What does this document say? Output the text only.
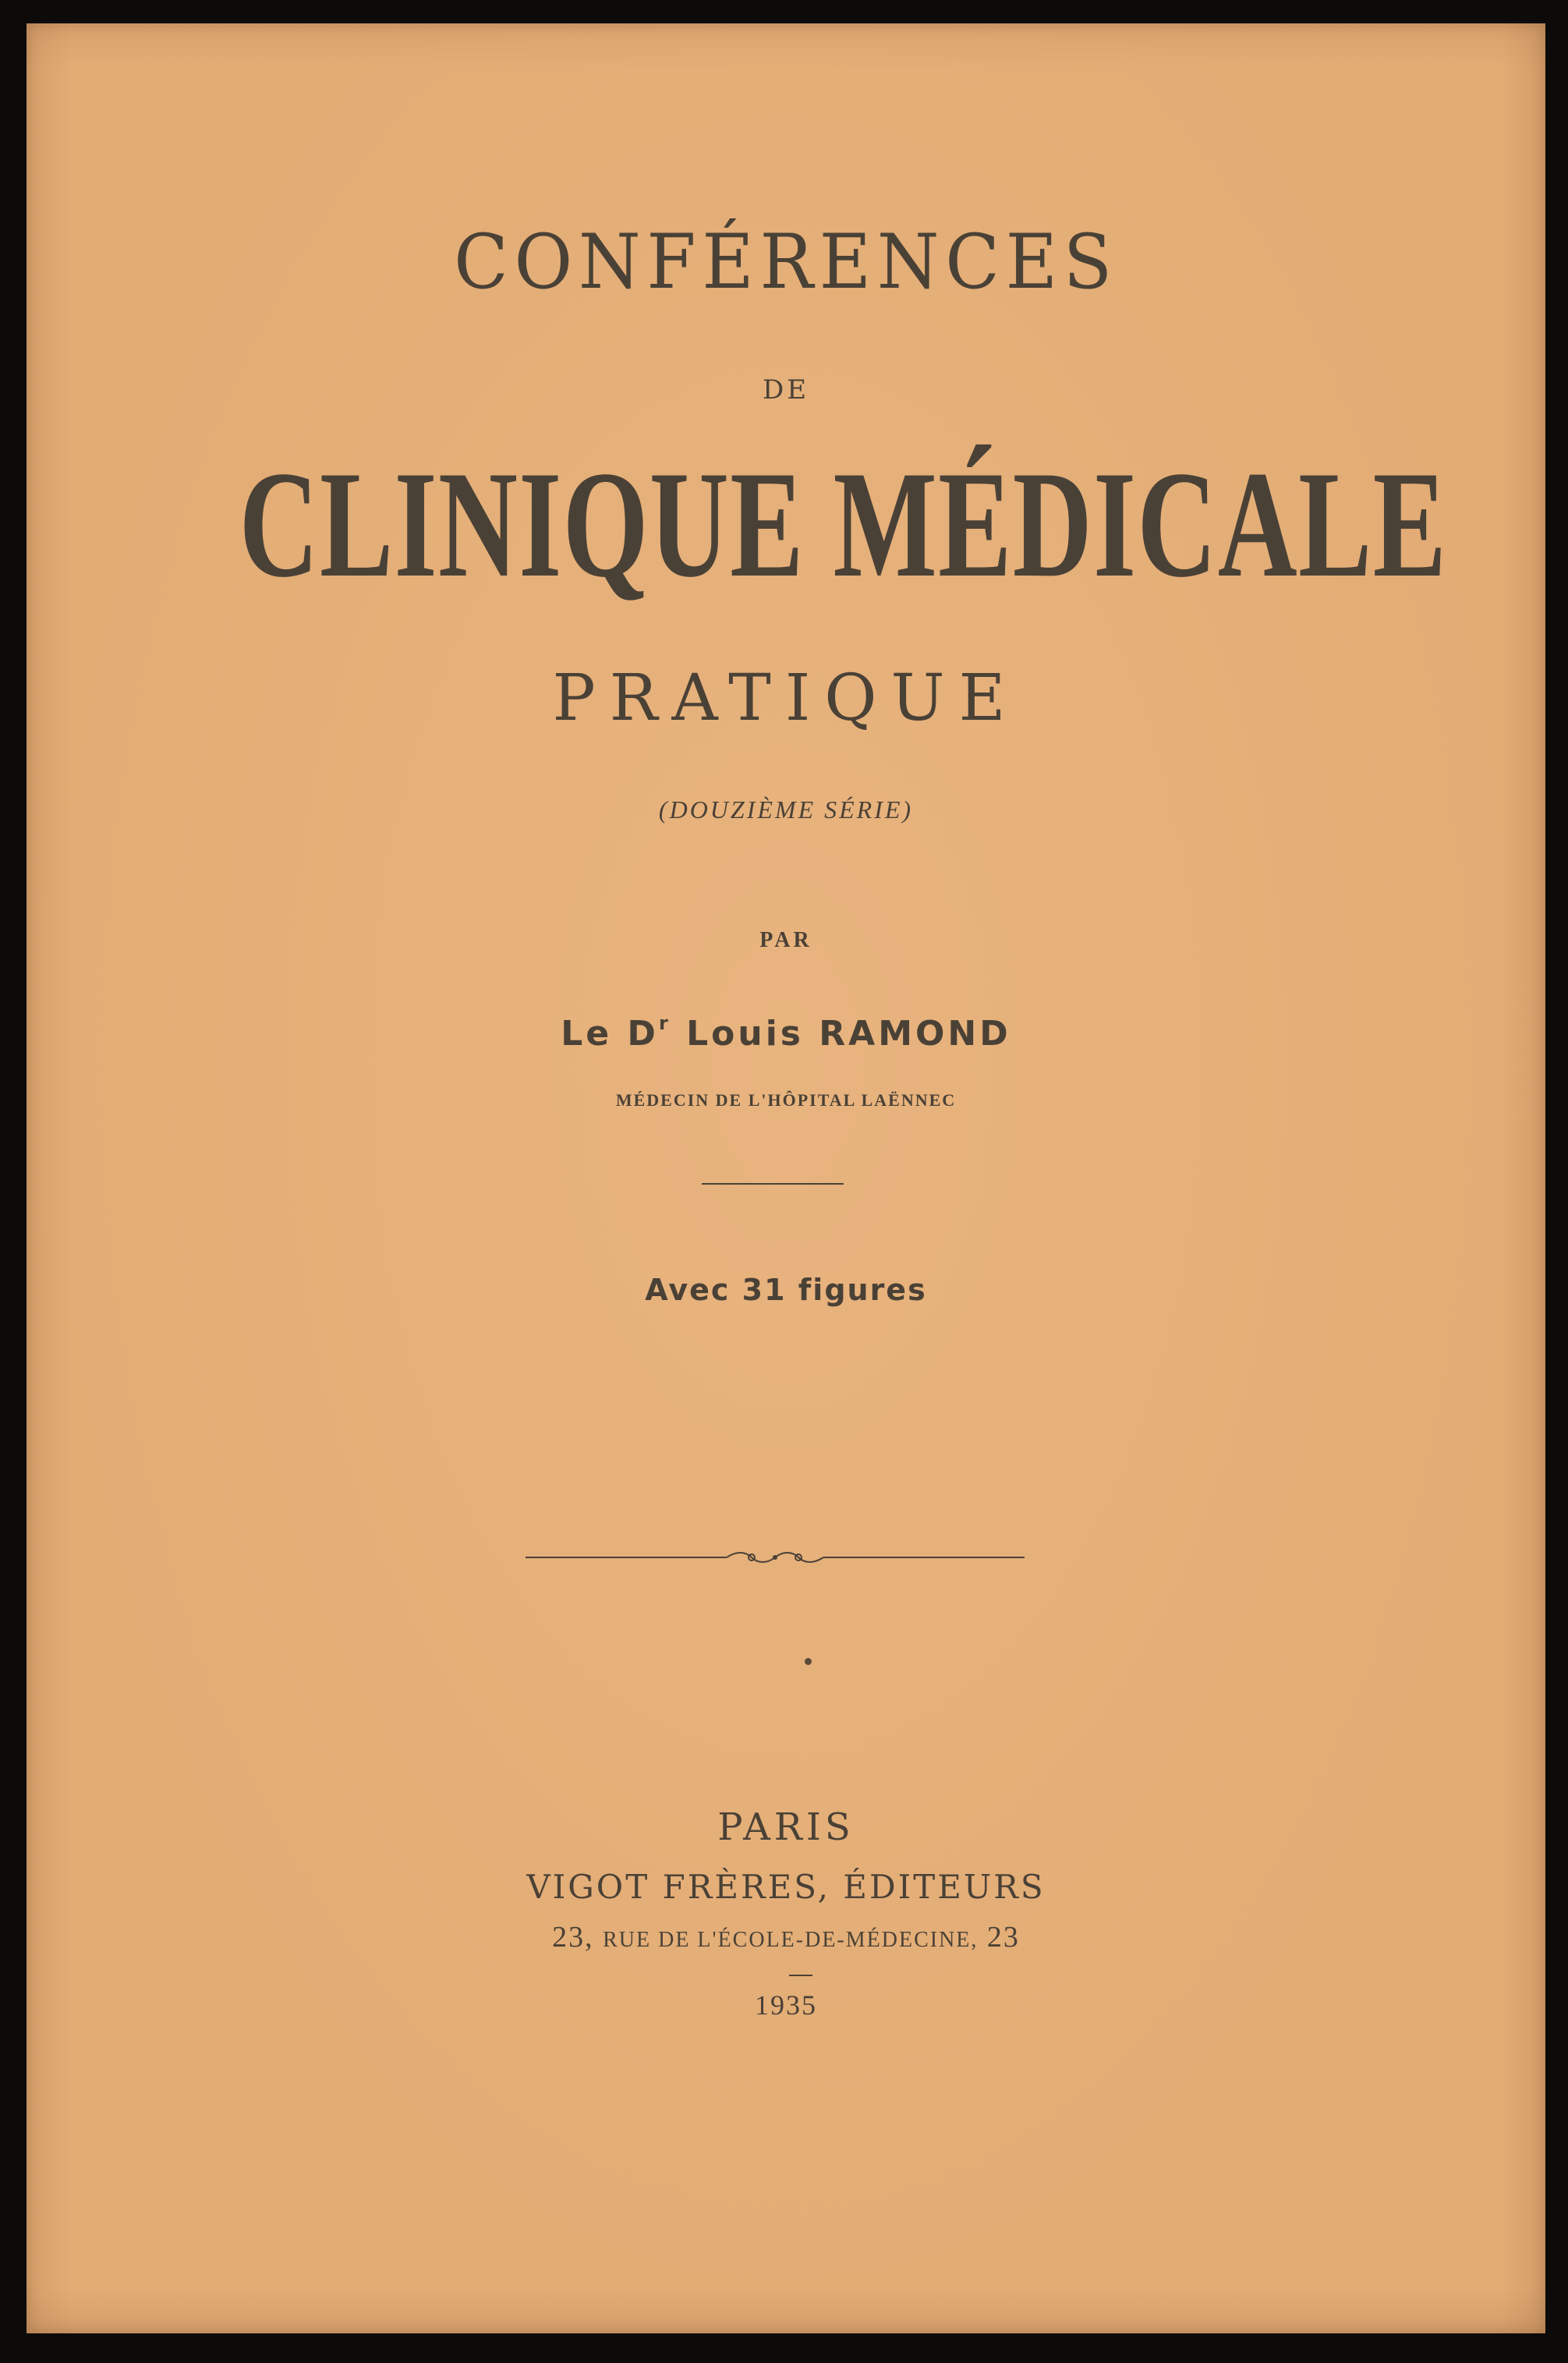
CONFÉRENCES
DE
CLINIQUE MÉDICALE
PRATIQUE
(DOUZIÈME SÉRIE)
PAR
Le $D^r$ Louis RAMOND
MÉDECIN DE L'HÔPITAL LAËNNEC
Avec 31 figures
PARIS
VIGOT FRÈRES, ÉDITEURS
23, RUE DE L'ÉCOLE-DE-MÉDECINE, 23
1935
